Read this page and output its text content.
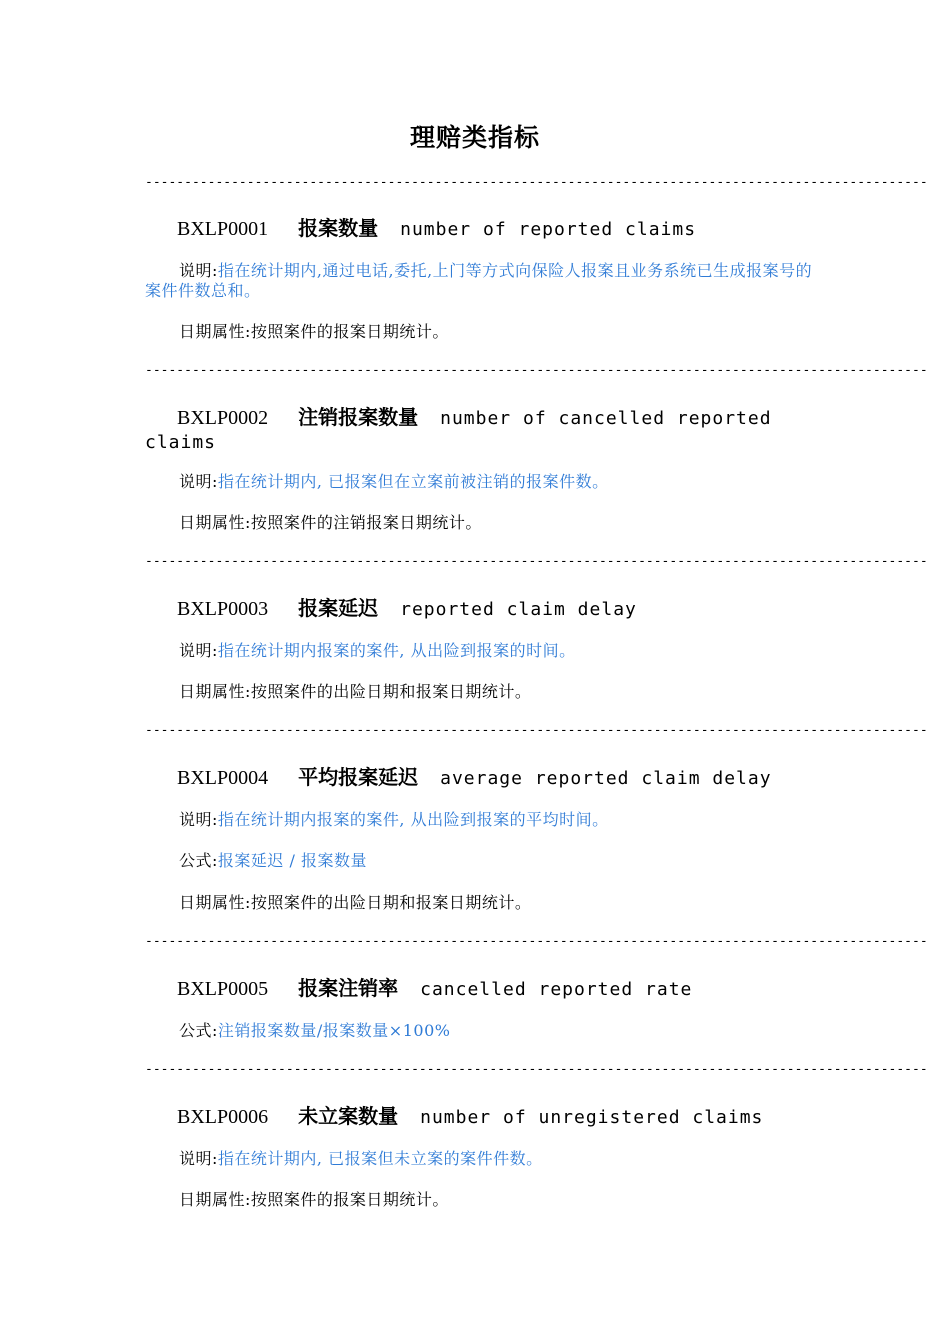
理赔类指标
----------------------------------------------------------------------------------------------------
BXLP0001 报案数量 number of reported claims
说明:指在统计期内,通过电话,委托,上门等方式向保险人报案且业务系统已生成报案号的案件件数总和。
日期属性:按照案件的报案日期统计。
----------------------------------------------------------------------------------------------------
BXLP0002 注销报案数量 number of cancelled reported claims
说明:指在统计期内, 已报案但在立案前被注销的报案件数。
日期属性:按照案件的注销报案日期统计。
----------------------------------------------------------------------------------------------------
BXLP0003 报案延迟 reported claim delay
说明:指在统计期内报案的案件, 从出险到报案的时间。
日期属性:按照案件的出险日期和报案日期统计。
----------------------------------------------------------------------------------------------------
BXLP0004 平均报案延迟 average reported claim delay
说明:指在统计期内报案的案件, 从出险到报案的平均时间。
公式:报案延迟 / 报案数量
日期属性:按照案件的出险日期和报案日期统计。
----------------------------------------------------------------------------------------------------
BXLP0005 报案注销率 cancelled reported rate
公式:注销报案数量/报案数量×100%
----------------------------------------------------------------------------------------------------
BXLP0006 未立案数量 number of unregistered claims
说明:指在统计期内, 已报案但未立案的案件件数。
日期属性:按照案件的报案日期统计。
